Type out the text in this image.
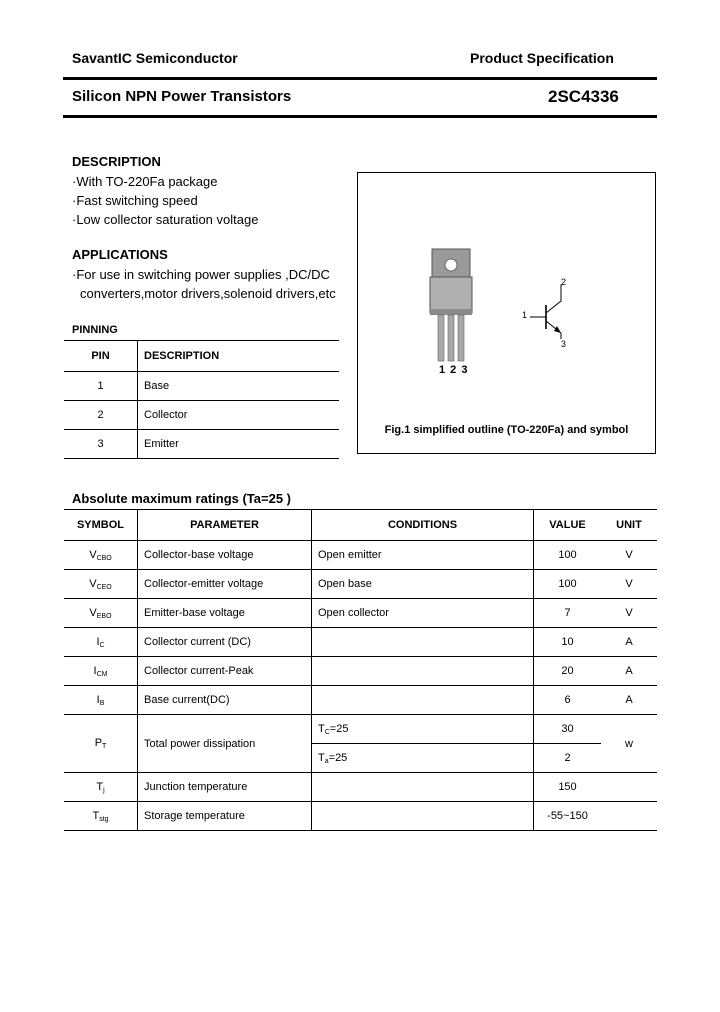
SavantIC Semiconductor	Product Specification
Silicon NPN Power Transistors	2SC4336
DESCRIPTION
·With TO-220Fa package
·Fast switching speed
·Low collector saturation voltage
APPLICATIONS
·For use in switching power supplies ,DC/DC
converters,motor drivers,solenoid drivers,etc
PINNING
PIN	DESCRIPTION
1	Base
2	Collector
3	Emitter
1 2 3
1
2
3
Fig.1 simplified outline (TO-220Fa) and symbol
Absolute maximum ratings (Ta=25 )
SYMBOL	PARAMETER	CONDITIONS	VALUE	UNIT
$V_{CBO}$	Collector-base voltage	Open emitter	100	V
$V_{CEO}$	Collector-emitter voltage	Open base	100	V
$V_{EBO}$	Emitter-base voltage	Open collector	7	V
$I_C$	Collector current (DC)		10	A
$I_{CM}$	Collector current-Peak		20	A
$I_B$	Base current(DC)		6	A
$P_T$	Total power dissipation	$T_C=25$	30	w
		$T_a=25$	2	
$T_j$	Junction temperature		150	
$T_{stg}$	Storage temperature		-55~150	
